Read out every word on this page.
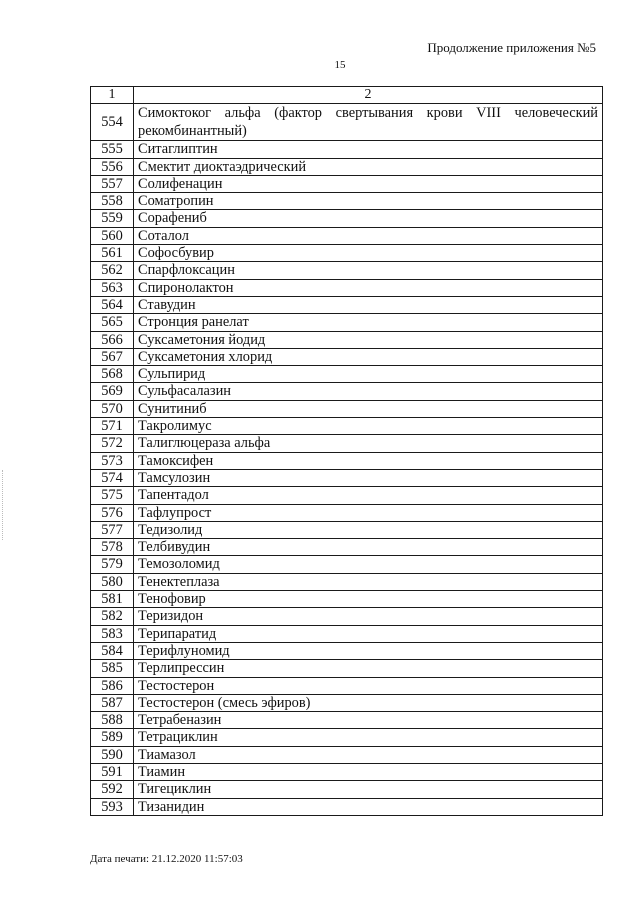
Продолжение приложения №5
15
1	2
554	Симоктоког альфа (фактор свертывания крови VIII человеческий рекомбинантный)
555	Ситаглиптин
556	Смектит диоктаэдрический
557	Солифенацин
558	Соматропин
559	Сорафениб
560	Соталол
561	Софосбувир
562	Спарфлоксацин
563	Спиронолактон
564	Ставудин
565	Стронция ранелат
566	Суксаметония йодид
567	Суксаметония хлорид
568	Сульпирид
569	Сульфасалазин
570	Сунитиниб
571	Такролимус
572	Талиглюцераза альфа
573	Тамоксифен
574	Тамсулозин
575	Тапентадол
576	Тафлупрост
577	Тедизолид
578	Телбивудин
579	Темозоломид
580	Тенектеплаза
581	Тенофовир
582	Теризидон
583	Терипаратид
584	Терифлуномид
585	Терлипрессин
586	Тестостерон
587	Тестостерон (смесь эфиров)
588	Тетрабеназин
589	Тетрациклин
590	Тиамазол
591	Тиамин
592	Тигециклин
593	Тизанидин
Дата печати: 21.12.2020 11:57:03
